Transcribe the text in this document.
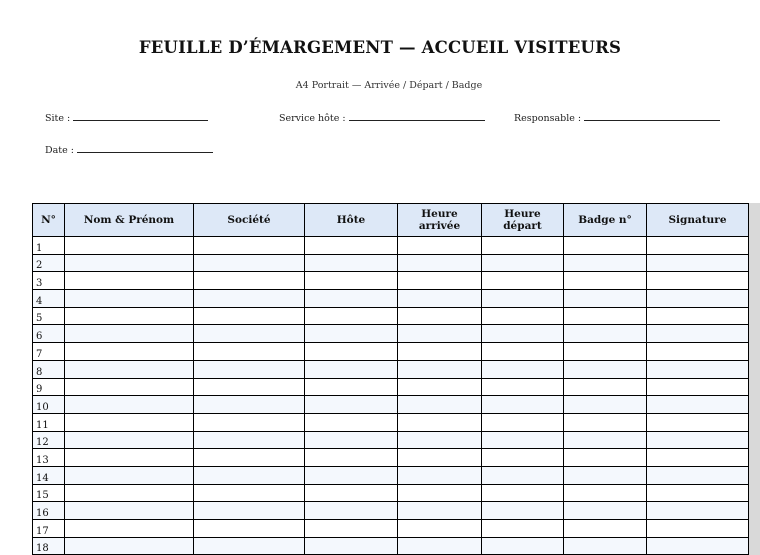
FEUILLE D’ÉMARGEMENT — ACCUEIL VISITEURS
A4 Portrait — Arrivée / Départ / Badge
Site :	Service hôte :	Responsable :
Date :
N°	Nom & Prénom	Société	Hôte	Heure arrivée	Heure départ	Badge n°	Signature
1							
2							
3							
4							
5							
6							
7							
8							
9							
10							
11							
12							
13							
14							
15							
16							
17							
18							
